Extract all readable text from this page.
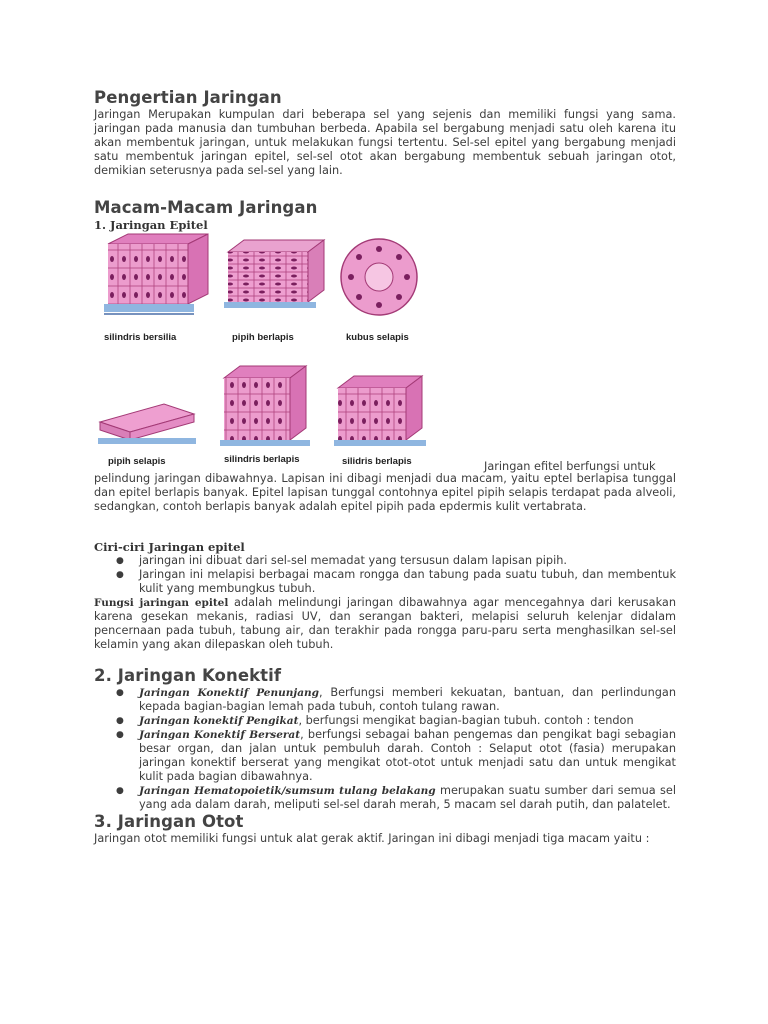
Pengertian Jaringan

Jaringan Merupakan kumpulan dari beberapa sel yang sejenis dan memiliki fungsi yang sama. jaringan pada manusia dan tumbuhan berbeda. Apabila sel bergabung menjadi satu oleh karena itu akan membentuk jaringan, untuk melakukan fungsi tertentu. Sel-sel epitel yang bergabung menjadi satu membentuk jaringan epitel, sel-sel otot akan bergabung membentuk sebuah jaringan otot, demikian seterusnya pada sel-sel yang lain.

Macam-Macam Jaringan

1. Jaringan Epitel

silindris bersilia	pipih berlapis	kubus selapis
pipih selapis	silindris berlapis	silidris berlapis	Jaringan efitel berfungsi untuk

pelindung jaringan dibawahnya. Lapisan ini dibagi menjadi dua macam, yaitu eptel berlapisa tunggal dan epitel berlapis banyak. Epitel lapisan tunggal contohnya epitel pipih selapis terdapat pada alveoli, sedangkan, contoh berlapis banyak adalah epitel pipih pada epdermis kulit vertabrata.

Ciri-ciri Jaringan epitel

● jaringan ini dibuat dari sel-sel memadat yang tersusun dalam lapisan pipih.
● Jaringan ini melapisi berbagai macam rongga dan tabung pada suatu tubuh, dan membentuk kulit yang membungkus tubuh.

Fungsi jaringan epitel adalah melindungi jaringan dibawahnya agar mencegahnya dari kerusakan karena gesekan mekanis, radiasi UV, dan serangan bakteri, melapisi seluruh kelenjar didalam pencernaan pada tubuh, tabung air, dan terakhir pada rongga paru-paru serta menghasilkan sel-sel kelamin yang akan dilepaskan oleh tubuh.

2. Jaringan Konektif
● Jaringan Konektif Penunjang, Berfungsi memberi kekuatan, bantuan, dan perlindungan kepada bagian-bagian lemah pada tubuh, contoh tulang rawan.
● Jaringan konektif Pengikat, berfungsi mengikat bagian-bagian tubuh. contoh : tendon
● Jaringan Konektif Berserat, berfungsi sebagai bahan pengemas dan pengikat bagi sebagian besar organ, dan jalan untuk pembuluh darah. Contoh : Selaput otot (fasia) merupakan jaringan konektif berserat yang mengikat otot-otot untuk menjadi satu dan untuk mengikat kulit pada bagian dibawahnya.
● Jaringan Hematopoietik/sumsum tulang belakang merupakan suatu sumber dari semua sel yang ada dalam darah, meliputi sel-sel darah merah, 5 macam sel darah putih, dan palatelet.
3. Jaringan Otot

Jaringan otot memiliki fungsi untuk alat gerak aktif. Jaringan ini dibagi menjadi tiga macam yaitu :
